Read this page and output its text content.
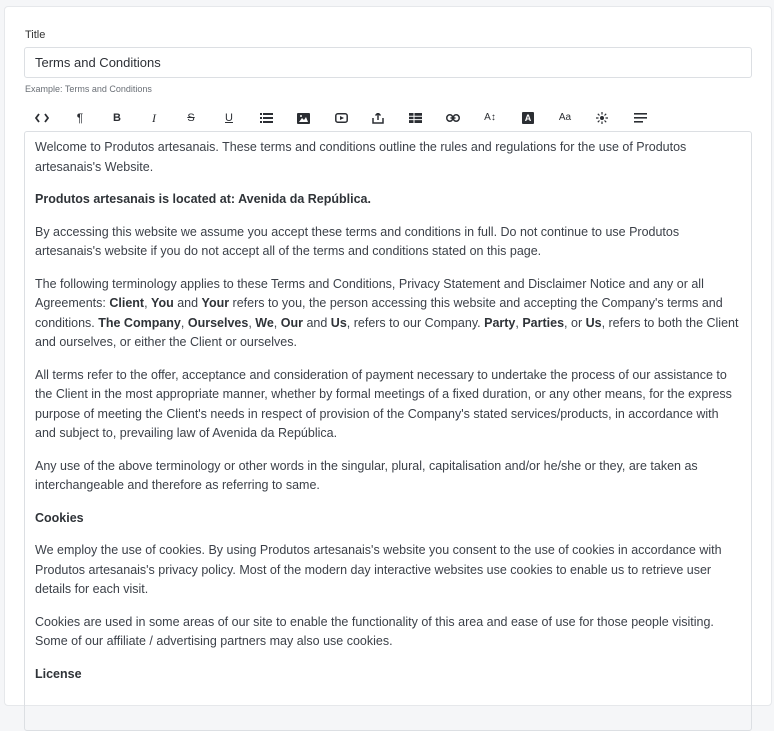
Title
Terms and Conditions
Example: Terms and Conditions
¶	B	I	S	U	A↕	A	Aa

Welcome to Produtos artesanais. These terms and conditions outline the rules and regulations for the use of Produtos artesanais's Website.

Produtos artesanais is located at: Avenida da República.

By accessing this website we assume you accept these terms and conditions in full. Do not continue to use Produtos artesanais's website if you do not accept all of the terms and conditions stated on this page.

The following terminology applies to these Terms and Conditions, Privacy Statement and Disclaimer Notice and any or all Agreements: Client, You and Your refers to you, the person accessing this website and accepting the Company's terms and conditions. The Company, Ourselves, We, Our and Us, refers to our Company. Party, Parties, or Us, refers to both the Client and ourselves, or either the Client or ourselves.

All terms refer to the offer, acceptance and consideration of payment necessary to undertake the process of our assistance to the Client in the most appropriate manner, whether by formal meetings of a fixed duration, or any other means, for the express purpose of meeting the Client's needs in respect of provision of the Company's stated services/products, in accordance with and subject to, prevailing law of Avenida da República.

Any use of the above terminology or other words in the singular, plural, capitalisation and/or he/she or they, are taken as interchangeable and therefore as referring to same.

Cookies

We employ the use of cookies. By using Produtos artesanais's website you consent to the use of cookies in accordance with Produtos artesanais's privacy policy. Most of the modern day interactive websites use cookies to enable us to retrieve user details for each visit.

Cookies are used in some areas of our site to enable the functionality of this area and ease of use for those people visiting. Some of our affiliate / advertising partners may also use cookies.

License
